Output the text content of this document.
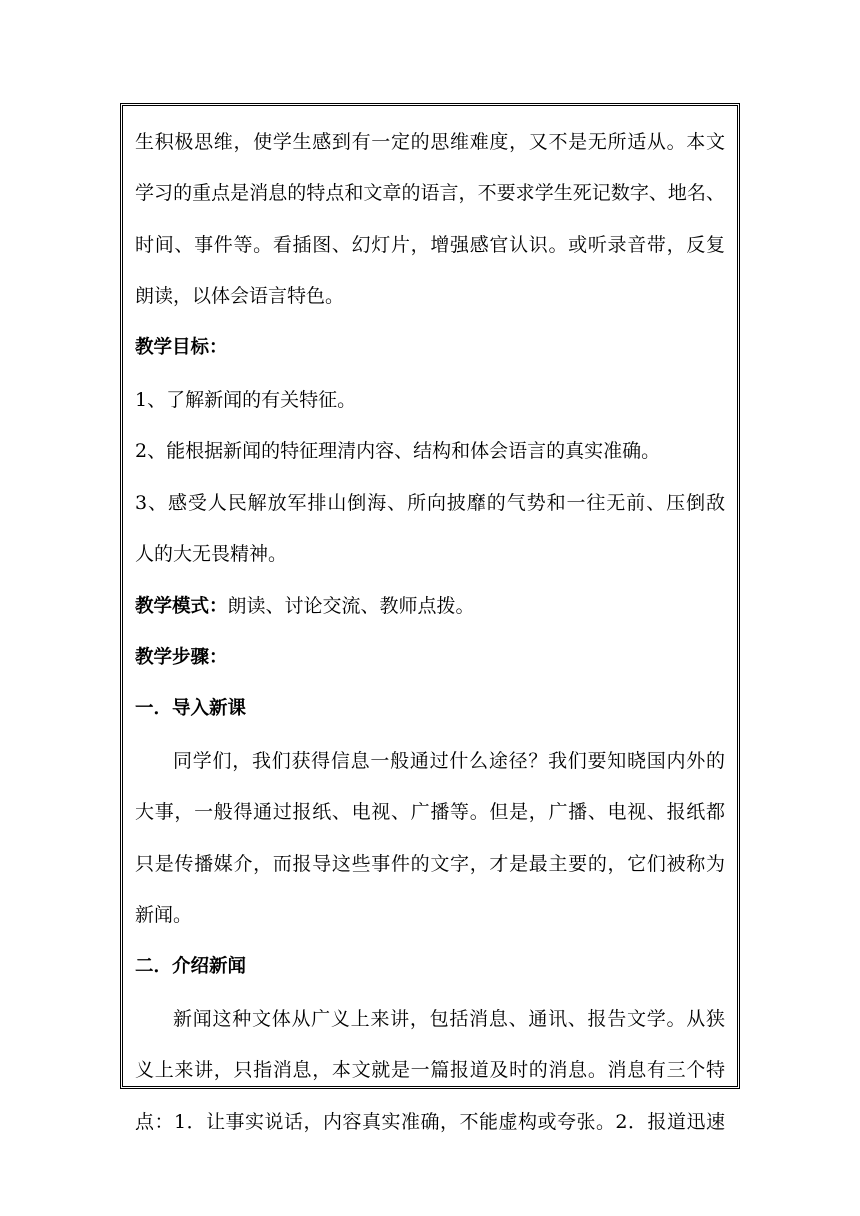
生积极思维，使学生感到有一定的思维难度，又不是无所适从。本文
学习的重点是消息的特点和文章的语言，不要求学生死记数字、地名、
时间、事件等。看插图、幻灯片，增强感官认识。或听录音带，反复
朗读，以体会语言特色。
教学目标：
1、了解新闻的有关特征。
2、能根据新闻的特征理清内容、结构和体会语言的真实准确。
3、感受人民解放军排山倒海、所向披靡的气势和一往无前、压倒敌
人的大无畏精神。
教学模式：朗读、讨论交流、教师点拨。
教学步骤：
一．导入新课
同学们，我们获得信息一般通过什么途径？我们要知晓国内外的
大事，一般得通过报纸、电视、广播等。但是，广播、电视、报纸都
只是传播媒介，而报导这些事件的文字，才是最主要的，它们被称为
新闻。
二．介绍新闻
新闻这种文体从广义上来讲，包括消息、通讯、报告文学。从狭
义上来讲，只指消息，本文就是一篇报道及时的消息。消息有三个特
点：1．让事实说话，内容真实准确，不能虚构或夸张。2．报道迅速
